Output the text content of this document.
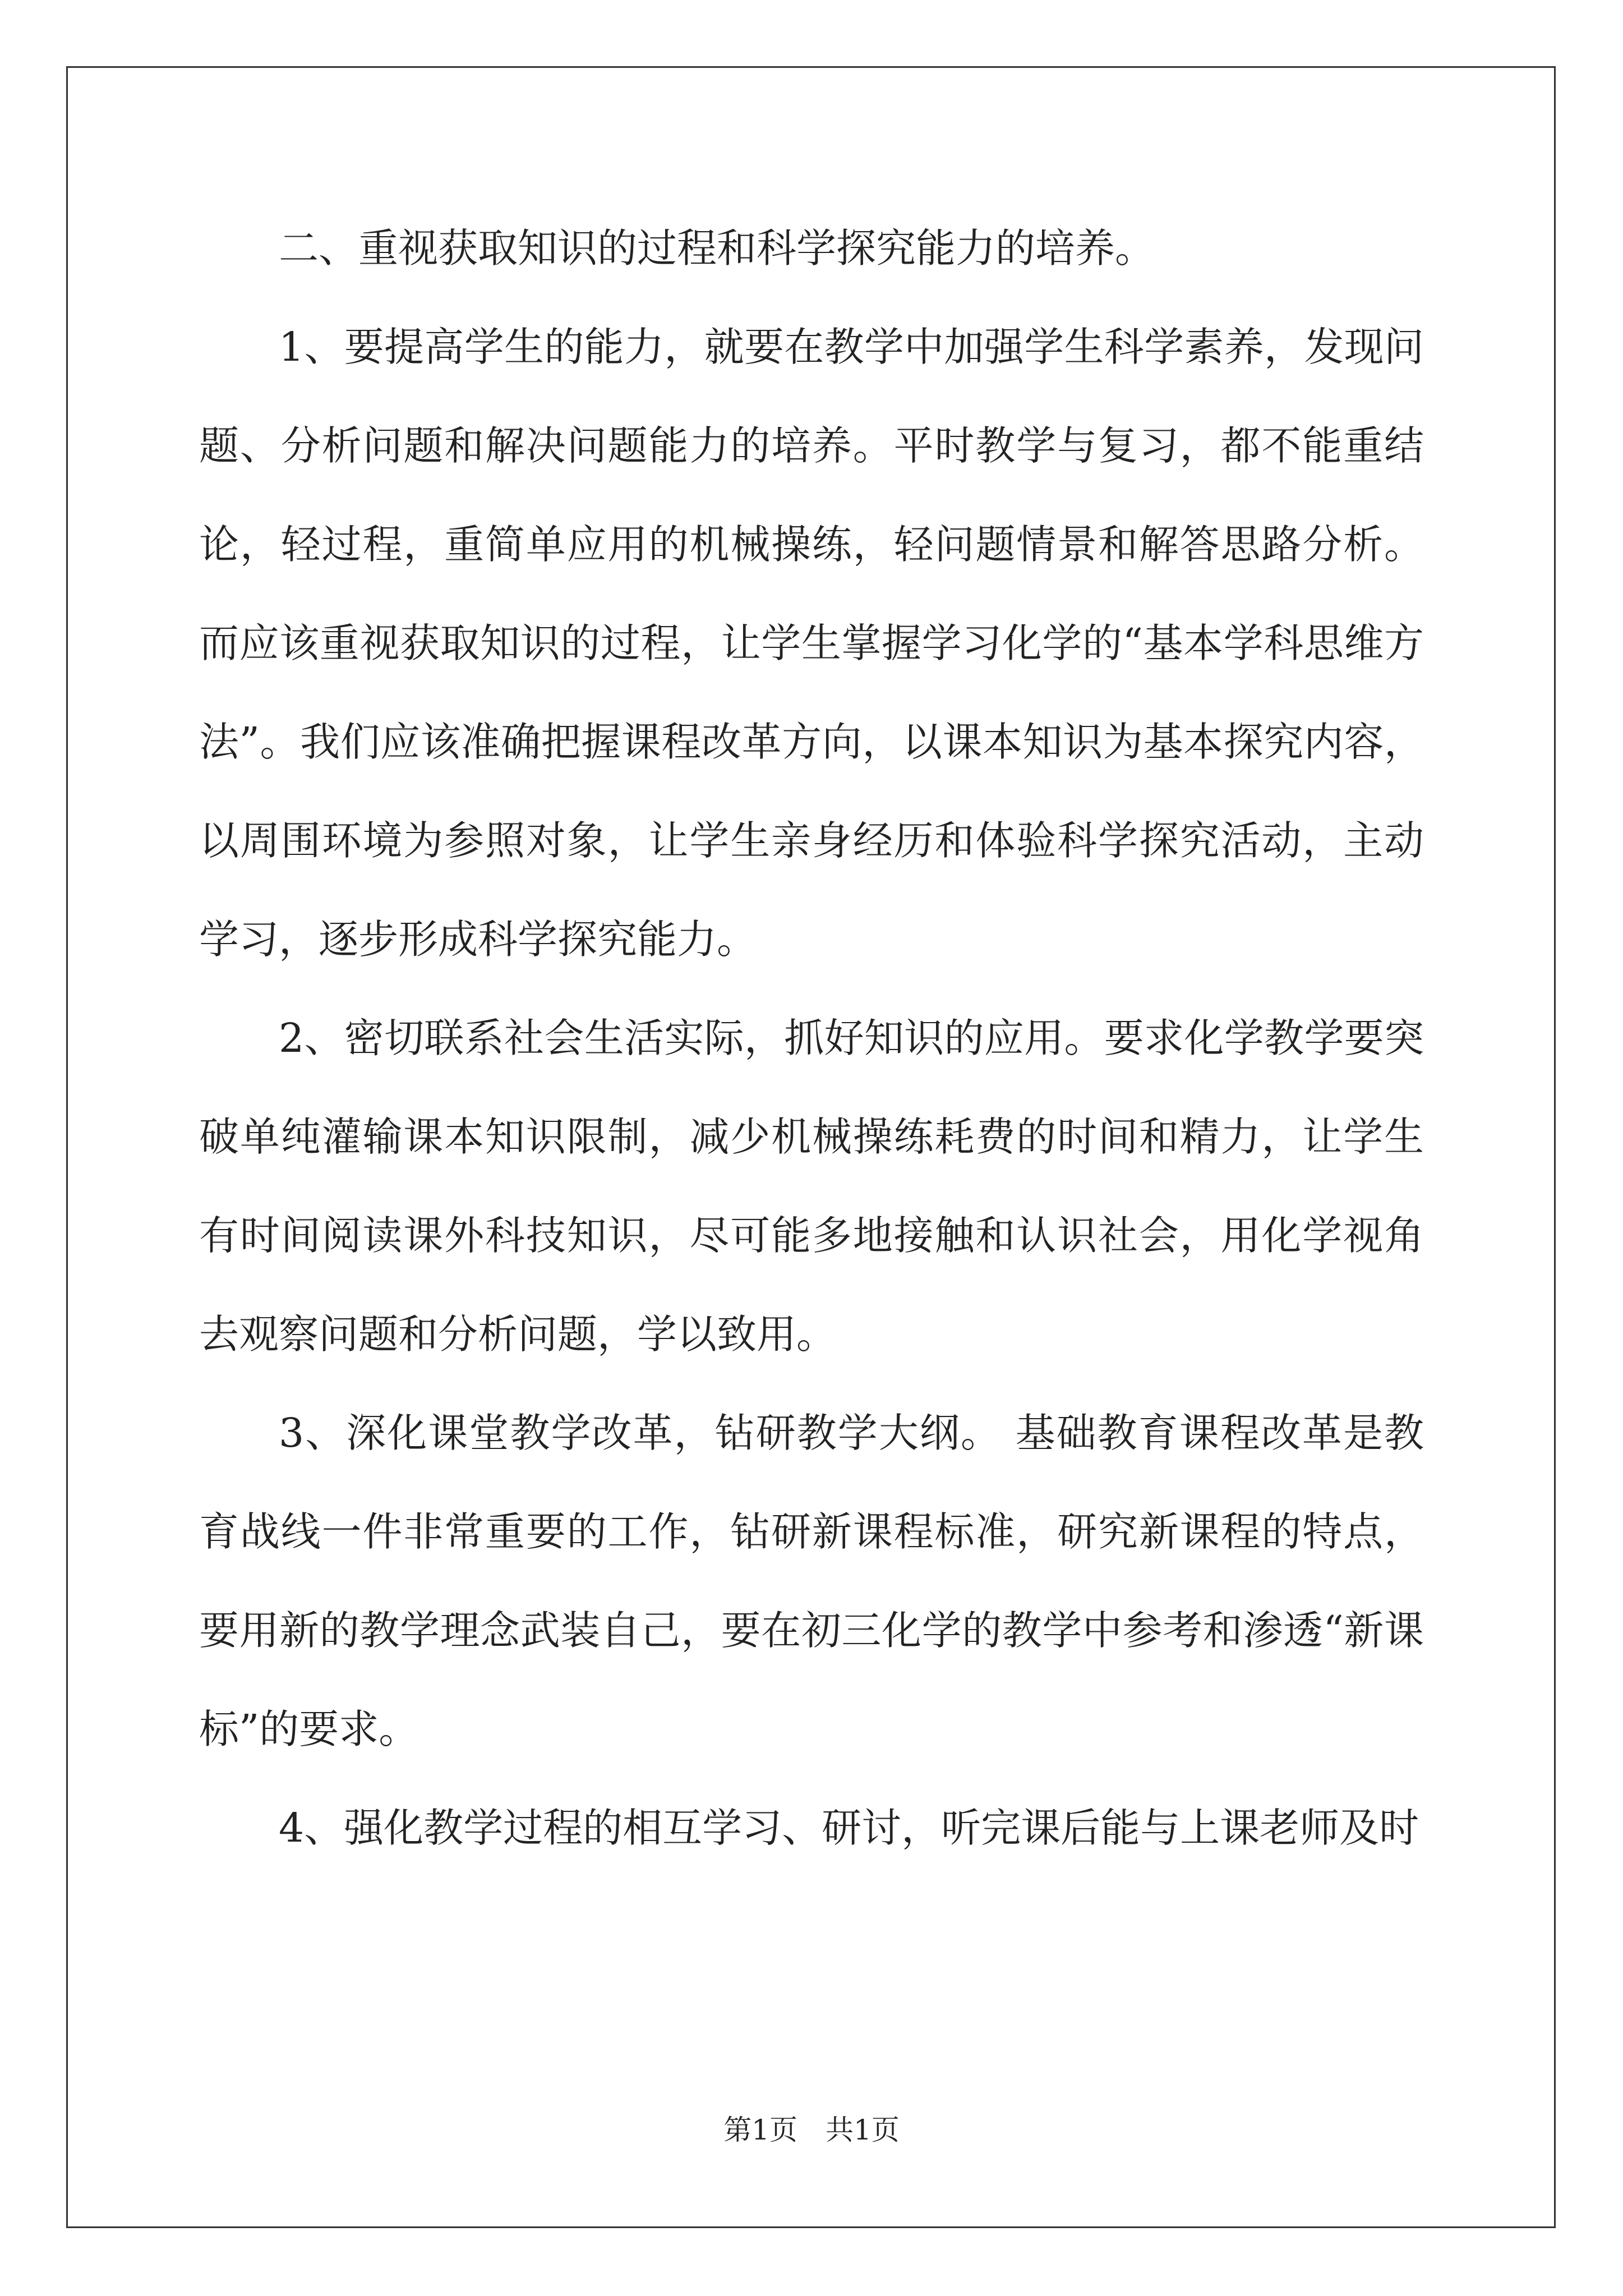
二、重视获取知识的过程和科学探究能力的培养。

1、要提高学生的能力，就要在教学中加强学生科学素养，发现问题、分析问题和解决问题能力的培养。平时教学与复习，都不能重结论，轻过程，重简单应用的机械操练，轻问题情景和解答思路分析。而应该重视获取知识的过程，让学生掌握学习化学的“基本学科思维方法”。我们应该准确把握课程改革方向，以课本知识为基本探究内容，以周围环境为参照对象，让学生亲身经历和体验科学探究活动，主动学习，逐步形成科学探究能力。

2、密切联系社会生活实际，抓好知识的应用。要求化学教学要突破单纯灌输课本知识限制，减少机械操练耗费的时间和精力，让学生有时间阅读课外科技知识，尽可能多地接触和认识社会，用化学视角去观察问题和分析问题，学以致用。

3、深化课堂教学改革，钻研教学大纲。 基础教育课程改革是教育战线一件非常重要的工作，钻研新课程标准，研究新课程的特点，要用新的教学理念武装自己，要在初三化学的教学中参考和渗透“新课标”的要求。

4、强化教学过程的相互学习、研讨，听完课后能与上课老师及时

第1页　共1页
